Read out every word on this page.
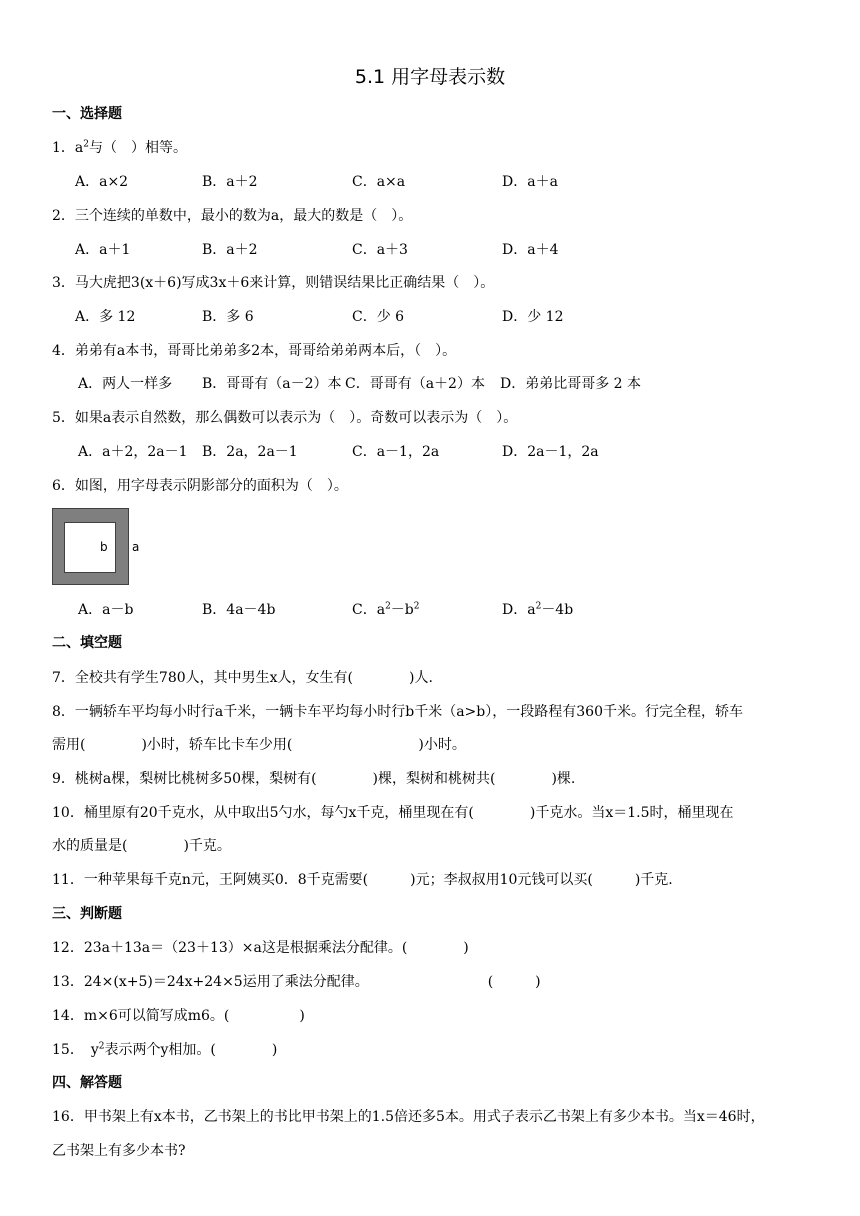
5.1 用字母表示数
一、选择题
1．$a^2$与（　）相等。
A．a×2	B．a＋2	C．a×a	D．a＋a
2．三个连续的单数中，最小的数为a，最大的数是（　）。
A．a＋1	B．a＋2	C．a＋3	D．a＋4
3．马大虎把3(x＋6)写成3x＋6来计算，则错误结果比正确结果（　）。
A．多 12	B．多 6	C．少 6	D．少 12
4．弟弟有a本书，哥哥比弟弟多2本，哥哥给弟弟两本后，（　）。
A．两人一样多 B．哥哥有（a－2）本 C．哥哥有（a＋2）本 D．弟弟比哥哥多 2 本
5．如果a表示自然数，那么偶数可以表示为（　）。奇数可以表示为（　）。
A．a＋2，2a－1 B．2a，2a－1	C．a－1，2a	D．2a－1，2a
6．如图，用字母表示阴影部分的面积为（　）。
b a
A．a－b	B．4a－4b	C．$a^2-b^2$	D．$a^2-4b$
二、填空题
7．全校共有学生780人，其中男生x人，女生有(　　　　)人.
8．一辆轿车平均每小时行a千米，一辆卡车平均每小时行b千米（a>b），一段路程有360千米。行完全程，轿车
需用(　　　　)小时，轿车比卡车少用(　　　　　　　　　)小时。
9．桃树a棵，梨树比桃树多50棵，梨树有(　　　　)棵，梨树和桃树共(　　　　)棵.
10．桶里原有20千克水，从中取出5勺水，每勺x千克，桶里现在有(　　　　)千克水。当x＝1.5时，桶里现在
水的质量是(　　　　)千克。
11．一种苹果每千克n元，王阿姨买0．8千克需要(　　　)元；李叔叔用10元钱可以买(　　　)千克.
三、判断题
12．23a＋13a＝（23＋13）×a这是根据乘法分配律。(　　　　)
13．24×(x+5)＝24x+24×5运用了乘法分配律。　　　　　　　　　(　　　)
14．m×6可以简写成m6。(　　　　　)
15．　$y^2$表示两个y相加。(　　　　)
四、解答题
16．甲书架上有x本书，乙书架上的书比甲书架上的1.5倍还多5本。用式子表示乙书架上有多少本书。当x＝46时，
乙书架上有多少本书?
